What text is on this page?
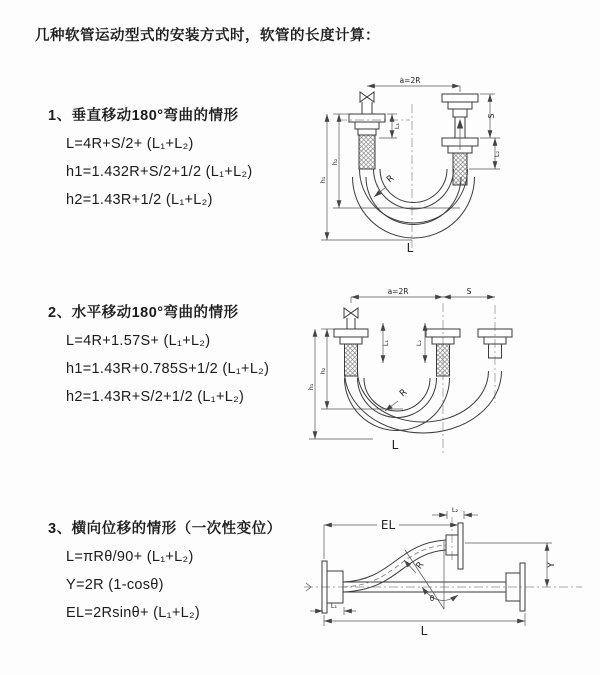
几种软管运动型式的安装方式时，软管的长度计算：
1、垂直移动180°弯曲的情形
L=4R+S/2+ (L₁+L₂)
h1=1.432R+S/2+1/2 (L₁+L₂)
h2=1.43R+1/2 (L₁+L₂)
2、水平移动180°弯曲的情形
L=4R+1.57S+ (L₁+L₂)
h1=1.43R+0.785S+1/2 (L₁+L₂)
h2=1.43R+S/2+1/2 (L₁+L₂)
3、横向位移的情形（一次性变位）
L=πRθ/90+ (L₁+L₂)
Y=2R (1-cosθ)
EL=2Rsinθ+ (L₁+L₂)
a=2R
L₁
S
L₂
h₂
h₁	R
L
a=2R	S
L₁	L₂
h₂
h₁
R
L
L₂
EL
Y
θ
R
L₁
L
